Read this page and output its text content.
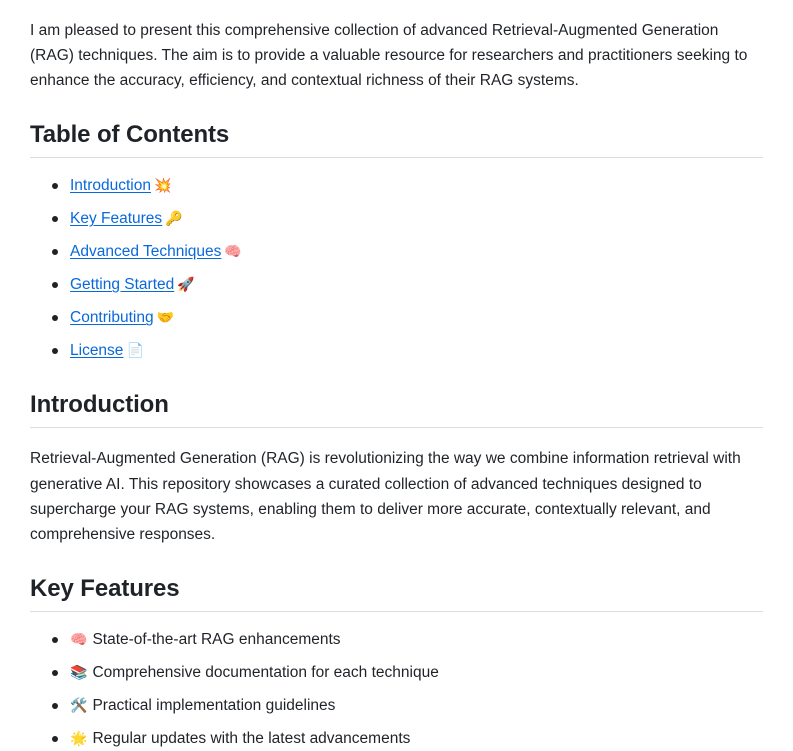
I am pleased to present this comprehensive collection of advanced Retrieval-Augmented Generation (RAG) techniques. The aim is to provide a valuable resource for researchers and practitioners seeking to enhance the accuracy, efficiency, and contextual richness of their RAG systems.

Table of Contents
Introduction 💥
Key Features 🔑
Advanced Techniques 🧠
Getting Started 🚀
Contributing 🤝
License 📄
Introduction

Retrieval-Augmented Generation (RAG) is revolutionizing the way we combine information retrieval with generative AI. This repository showcases a curated collection of advanced techniques designed to supercharge your RAG systems, enabling them to deliver more accurate, contextually relevant, and comprehensive responses.

Key Features
🧠 State-of-the-art RAG enhancements
📚 Comprehensive documentation for each technique
🛠️ Practical implementation guidelines
🌟 Regular updates with the latest advancements
